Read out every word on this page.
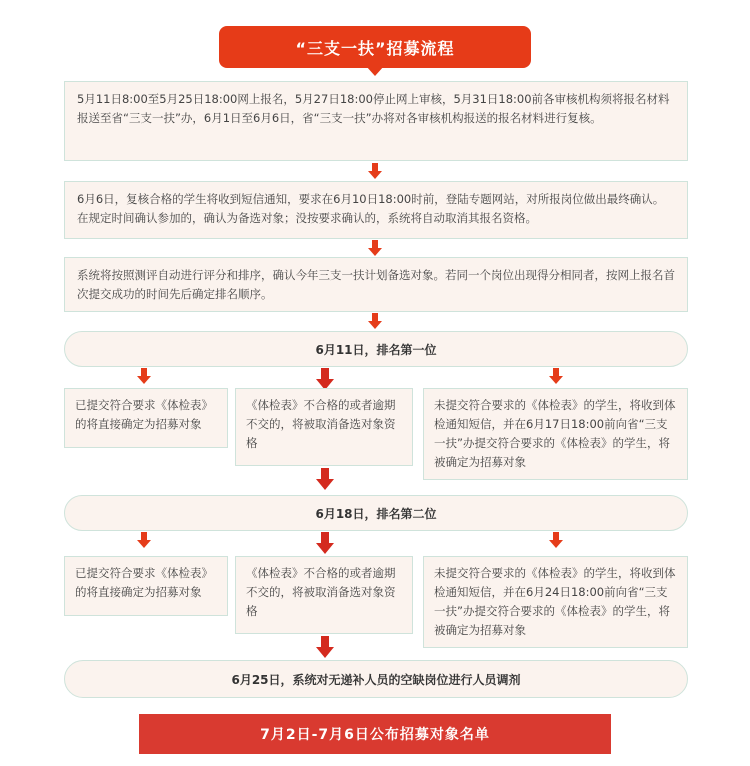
“三支一扶”招募流程
5月11日8:00至5月25日18:00网上报名，5月27日18:00停止网上审核，5月31日18:00前各审核机构须将报名材料报送至省“三支一扶”办，6月1日至6月6日，省“三支一扶”办将对各审核机构报送的报名材料进行复核。
6月6日，复核合格的学生将收到短信通知，要求在6月10日18:00时前，登陆专题网站，对所报岗位做出最终确认。在规定时间确认参加的，确认为备选对象；没按要求确认的，系统将自动取消其报名资格。
系统将按照测评自动进行评分和排序，确认今年三支一扶计划备选对象。若同一个岗位出现得分相同者，按网上报名首次提交成功的时间先后确定排名顺序。
6月11日，排名第一位
已提交符合要求《体检表》的将直接确定为招募对象
《体检表》不合格的或者逾期不交的，将被取消备选对象资格
未提交符合要求的《体检表》的学生，将收到体检通知短信，并在6月17日18:00前向省“三支一扶”办提交符合要求的《体检表》的学生，将被确定为招募对象
6月18日，排名第二位
已提交符合要求《体检表》的将直接确定为招募对象
《体检表》不合格的或者逾期不交的，将被取消备选对象资格
未提交符合要求的《体检表》的学生，将收到体检通知短信，并在6月24日18:00前向省“三支一扶”办提交符合要求的《体检表》的学生，将被确定为招募对象
6月25日，系统对无递补人员的空缺岗位进行人员调剂
7月2日-7月6日公布招募对象名单
